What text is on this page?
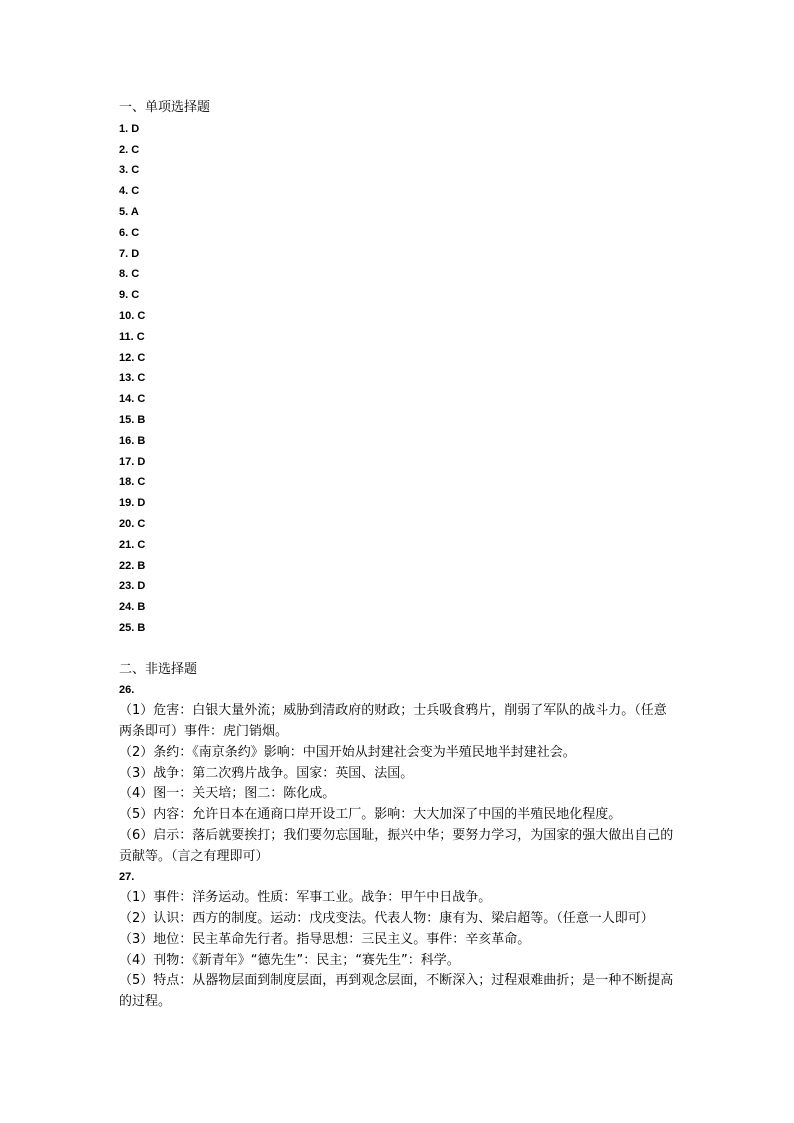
一、单项选择题
1. D
2. C
3. C
4. C
5. A
6. C
7. D
8. C
9. C
10. C
11. C
12. C
13. C
14. C
15. B
16. B
17. D
18. C
19. D
20. C
21. C
22. B
23. D
24. B
25. B
二、非选择题
26.
（1）危害：白银大量外流；威胁到清政府的财政；士兵吸食鸦片，削弱了军队的战斗力。（任意两条即可）事件：虎门销烟。
（2）条约：《南京条约》影响：中国开始从封建社会变为半殖民地半封建社会。
（3）战争：第二次鸦片战争。国家：英国、法国。
（4）图一：关天培；图二：陈化成。
（5）内容：允许日本在通商口岸开设工厂。影响：大大加深了中国的半殖民地化程度。
（6）启示：落后就要挨打；我们要勿忘国耻，振兴中华；要努力学习，为国家的强大做出自己的贡献等。（言之有理即可）
27.
（1）事件：洋务运动。性质：军事工业。战争：甲午中日战争。
（2）认识：西方的制度。运动：戊戌变法。代表人物：康有为、梁启超等。（任意一人即可）
（3）地位：民主革命先行者。指导思想：三民主义。事件：辛亥革命。
（4）刊物：《新青年》“德先生”：民主；“赛先生”：科学。
（5）特点：从器物层面到制度层面，再到观念层面，不断深入；过程艰难曲折；是一种不断提高的过程。
